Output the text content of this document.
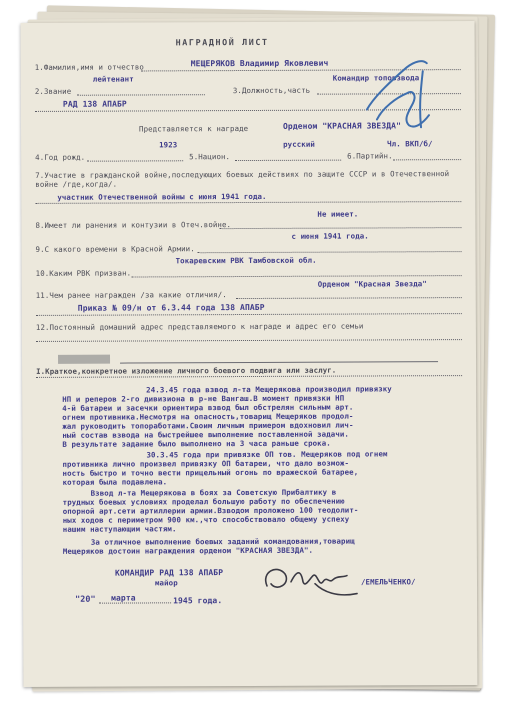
НАГРАДНОЙ ЛИСТ
1.Фамилия,имя и отчество	МЕЩЕРЯКОВ Владимир Яковлевич
лейтенант	Командир топовзвода
2.Звание	3.Должность,часть
РАД 138 АПАБР
Представляется к награде	Орденом "КРАСНАЯ ЗВЕЗДА"
1923	русский	Чл. ВКП/б/
4.Год рожд.	5.Национ.	6.Партийн.
7.Участие в гражданской войне,последующих боевых действиях по защите СССР и в Отечественной войне /где,когда/.
участник Отечественной войны с июня 1941 года.
Не имеет.
8.Имеет ли ранения и контузии в Отеч.войне.
с июня 1941 года.
9.С какого времени в Красной Армии.
Токаревским РВК Тамбовской обл.
10.Каким РВК призван.
Орденом "Красная Звезда"
11.Чем ранее награжден /за какие отличия/.
Приказ № 09/н от 6.3.44 года 138 АПАБР
12.Постоянный домашний адрес представляемого к награде и адрес его семьи
I.Краткое,конкретное изложение личного боевого подвига или заслуг.
24.3.45 года взвод л-та Мещерякова производил привязку
НП и реперов 2-го дивизиона в р-не Вангаш.В момент привязки НП
4-й батареи и засечки ориентира взвод был обстрелян сильным арт.
огнем противника.Несмотря на опасность,товарищ Мещеряков продол-
жал руководить топоработами.Своим личным примером вдохновил лич-
ный состав взвода на быстрейшее выполнение поставленной задачи.
В результате задание было выполнено на 3 часа раньше срока.
30.3.45 года при привязке ОП тов. Мещеряков под огнем
противника лично произвел привязку ОП батареи, что дало возмож-
ность быстро и точно вести прицельный огонь по вражеской батарее,
которая была подавлена.
Взвод л-та Мещерякова в боях за Советскую Прибалтику в
трудных боевых условиях проделал большую работу по обеспечению
опорной арт.сети артиллерии армии.Взводом проложено 100 теодолит-
ных ходов с периметром 900 км.,что способствовало общему успеху
нашим наступающим частям.
За отличное выполнение боевых заданий командования,товарищ
Мещеряков достоин награждения орденом "КРАСНАЯ ЗВЕЗДА".
КОМАНДИР РАД 138 АПАБР
майор	/ЕМЕЛЬЧЕНКО/
"20" марта	1945 года.
